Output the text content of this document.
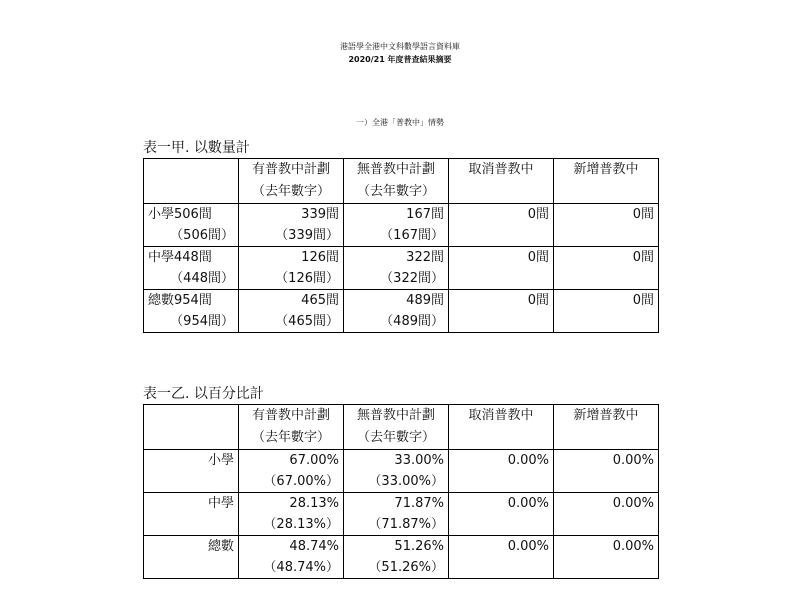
港語學全港中文科數學語言資料庫
2020/21 年度普查結果摘要
一）全港「普教中」情勢
表一甲. 以數量計

	有普教中計劃
（去年數字）	無普教中計劃
（去年數字）	取消普教中	新增普教中

小學506間
（506間）	339間
（339間）	167間
（167間）	0間	0間

中學448間
（448間）	126間
（126間）	322間
（322間）	0間	0間

總數954間
（954間）	465間
（465間）	489間
（489間）	0間	0間
表一乙. 以百分比計

	有普教中計劃
（去年數字）	無普教中計劃
（去年數字）	取消普教中	新增普教中

小學	67.00%
（67.00%）	33.00%
（33.00%）	0.00%	0.00%

中學	28.13%
（28.13%）	71.87%
（71.87%）	0.00%	0.00%

總數	48.74%
（48.74%）	51.26%
（51.26%）	0.00%	0.00%
